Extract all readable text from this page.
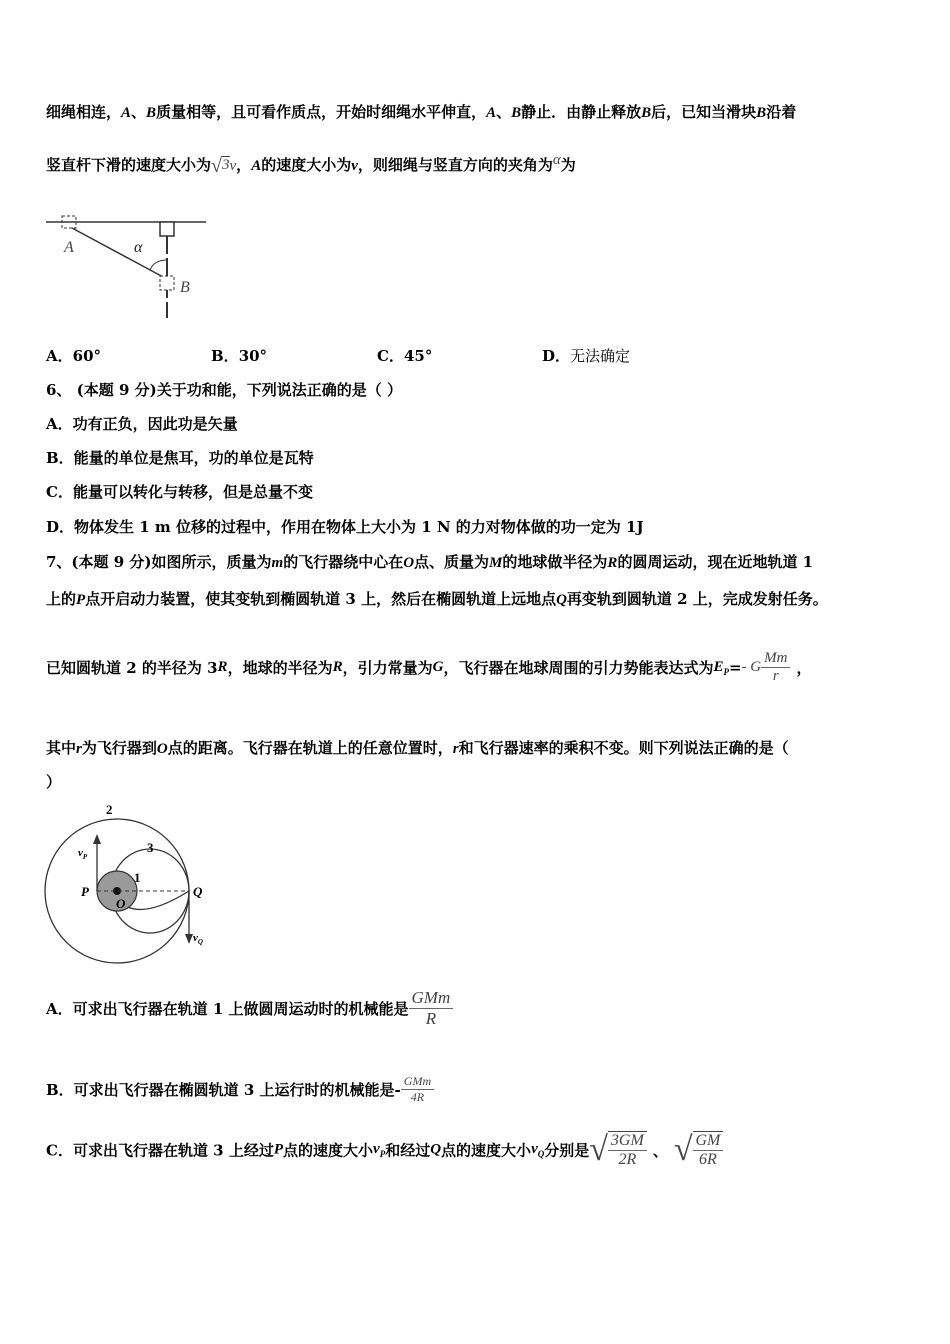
细绳相连，A、B质量相等，且可看作质点，开始时细绳水平伸直，A、B静止．由静止释放B后，已知当滑块B沿着
竖直杆下滑的速度大小为√3v，A的速度大小为v，则细绳与竖直方向的夹角为α为
A	α
B
A．60°	B．30°	C．45°	D．无法确定
6、 (本题 9 分)关于功和能，下列说法正确的是（ ）
A．功有正负，因此功是矢量
B．能量的单位是焦耳，功的单位是瓦特
C．能量可以转化与转移，但是总量不变
D．物体发生 1 m 位移的过程中，作用在物体上大小为 1 N 的力对物体做的功一定为 1J
7、(本题 9 分)如图所示，质量为m的飞行器绕中心在O点、质量为M的地球做半径为R的圆周运动，现在近地轨道 1
上的P点开启动力装置，使其变轨到椭圆轨道 3 上，然后在椭圆轨道上远地点Q再变轨到圆轨道 2 上，完成发射任务。
已知圆轨道 2 的半径为 3R，地球的半径为R，引力常量为G，飞行器在地球周围的引力势能表达式为$E_P=-$ G $\frac{Mm}{r}$ ，
其中r为飞行器到O点的距离。飞行器在轨道上的任意位置时，r和飞行器速率的乘积不变。则下列说法正确的是（
）
2
3
1
P
O
Q
$v_P$
$v_Q$
A．可求出飞行器在轨道 1 上做圆周运动时的机械能是 $\frac{\text{GMm}}{R}$
B．可求出飞行器在椭圆轨道 3 上运行时的机械能是- $\frac{\text{GMm}}{4R}$
C．可求出飞行器在轨道 3 上经过P点的速度大小$v_P$和经过Q点的速度大小$v_Q$分别是√ $\frac{3GM}{2R}$ 、 √ $\frac{GM}{6R}$
